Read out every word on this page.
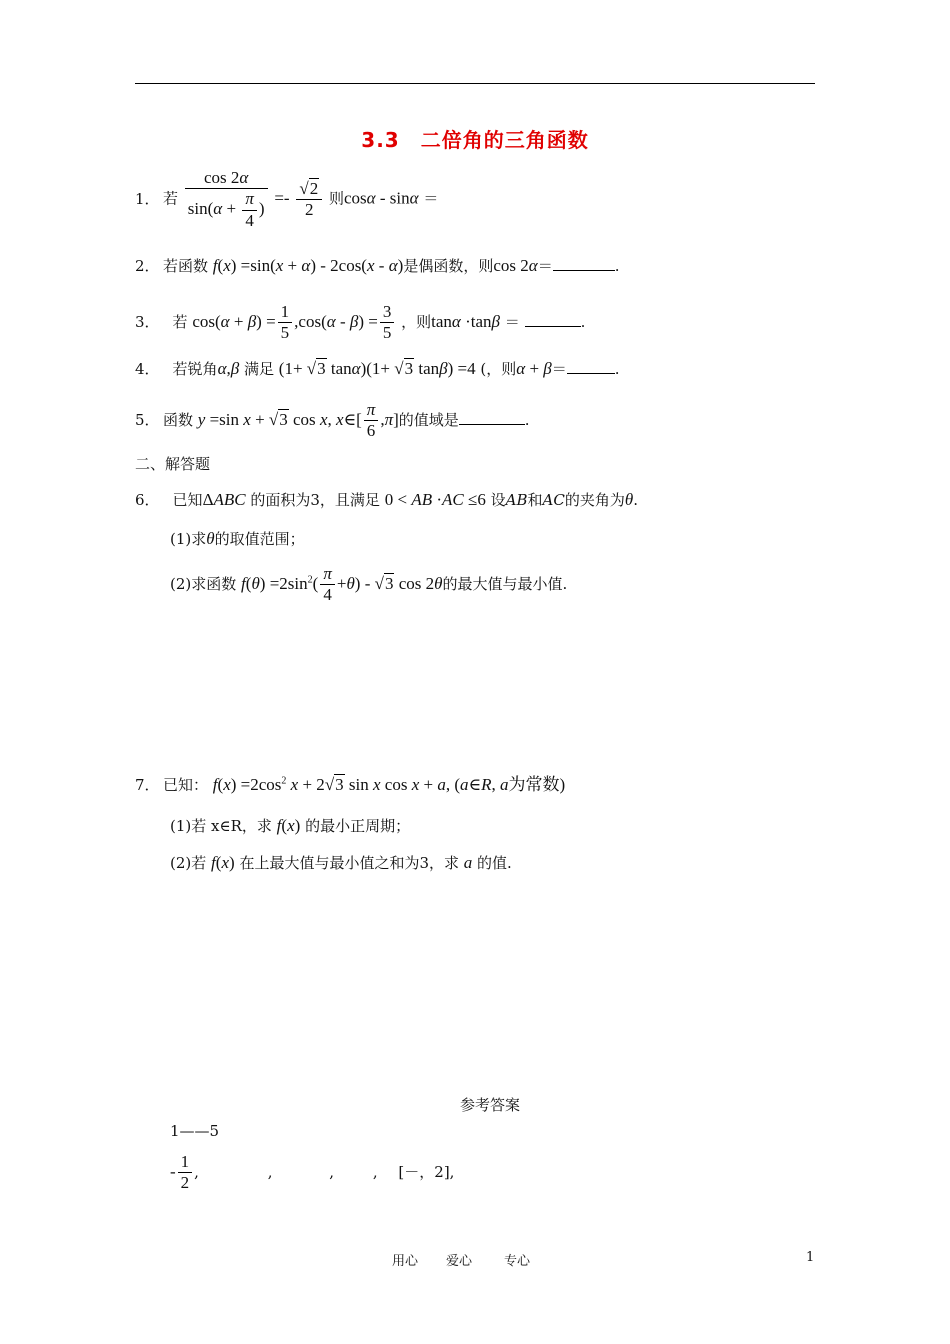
3.3　二倍角的三角函数
1． 若 $\frac{\cos 2\alpha}{\sin(\alpha + \frac{\pi}{4} )} =- \frac{√2}{2}$ 则cosα - sinα ＝
2． 若函数 f(x) =sin(x + α) - 2cos(x - α)是偶函数，则cos 2α＝	.
3． 若 $\cos(\alpha + \beta) = \frac{1}{5} ,\cos(\alpha - \beta) = \frac{3}{5}$ ，则tanα ·tanβ ＝	.
4． 若锐角α,β 满足 (1+ √3 tanα)(1+ √3 tanβ) =4 (，则α + β＝	.
5． 函数 y =sin x + √3 cos x, x∈[ $\frac{\pi}{6} ,\pi$]的值域是	.
二、解答题
6． 已知ΔABC 的面积为3，且满足 0 < AB ·AC ≤6 设AB和AC的夹角为θ.
(1)求θ的取值范围；
(2)求函数 $f(\theta) =2\sin^2( \frac{\pi}{4} +\theta) - √3$ cos 2θ的最大值与最小值.
7． 已知： $f(x) =2\cos^2$ x + 2√3 sin x cos x + a, (a∈R, a为常数)
(1)若 x∈R，求 f(x) 的最小正周期；
(2)若 f(x) 在上最大值与最小值之和为3，求 a 的值.
参考答案
1——5
- $\frac{1}{2}$ ,	,	,	, [－，2],
用心 爱心 专心	1
